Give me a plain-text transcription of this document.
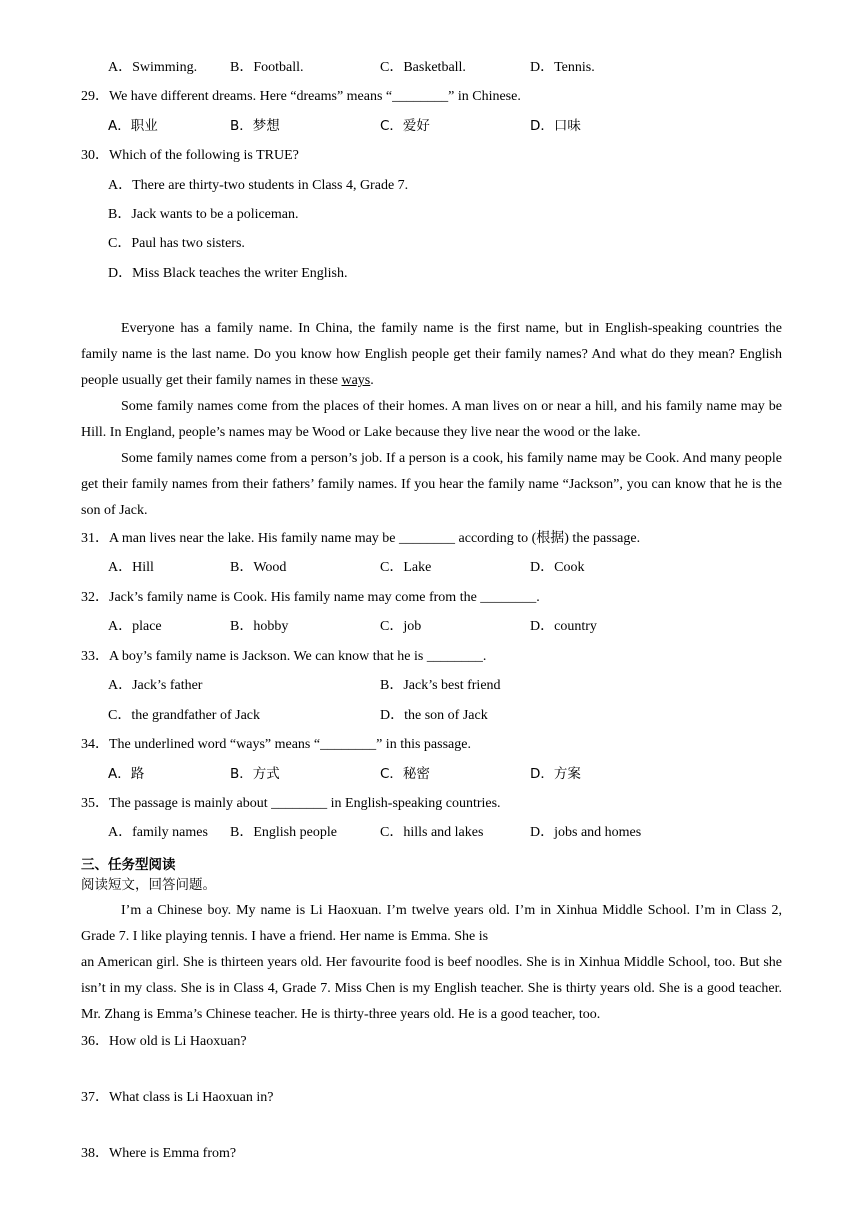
A．Swimming. B．Football.	C．Basketball.	D．Tennis.
29．We have different dreams. Here “dreams” means “________” in Chinese.
A．职业	B．梦想	C．爱好	D．口味
30．Which of the following is TRUE?
A．There are thirty-two students in Class 4, Grade 7.
B．Jack wants to be a policeman.
C．Paul has two sisters.
D．Miss Black teaches the writer English.
Everyone has a family name. In China, the family name is the first name, but in English-speaking countries the family name is the last name. Do you know how English people get their family names? And what do they mean? English people usually get their family names in these ways.
Some family names come from the places of their homes. A man lives on or near a hill, and his family name may be Hill. In England, people’s names may be Wood or Lake because they live near the wood or the lake.
Some family names come from a person’s job. If a person is a cook, his family name may be Cook. And many people get their family names from their fathers’ family names. If you hear the family name “Jackson”, you can know that he is the son of Jack.
31．A man lives near the lake. His family name may be ________ according to (根据) the passage.
A．Hill	B．Wood	C．Lake	D．Cook
32．Jack’s family name is Cook. His family name may come from the ________.
A．place	B．hobby	C．job	D．country
33．A boy’s family name is Jackson. We can know that he is ________.
A．Jack’s father	B．Jack’s best friend
C．the grandfather of Jack	D．the son of Jack
34．The underlined word “ways” means “________” in this passage.
A．路	B．方式	C．秘密	D．方案
35．The passage is mainly about ________ in English-speaking countries.
A．family names B．English people	C．hills and lakes	D．jobs and homes
三、任务型阅读
阅读短文，回答问题。
I’m a Chinese boy. My name is Li Haoxuan. I’m twelve years old. I’m in Xinhua Middle School. I’m in Class 2, Grade 7. I like playing tennis. I have a friend. Her name is Emma. She is
an American girl. She is thirteen years old. Her favourite food is beef noodles. She is in Xinhua Middle School, too. But she isn’t in my class. She is in Class 4, Grade 7. Miss Chen is my English teacher. She is thirty years old. She is a good teacher. Mr. Zhang is Emma’s Chinese teacher. He is thirty-three years old. He is a good teacher, too.
36．How old is Li Haoxuan?
37．What class is Li Haoxuan in?
38．Where is Emma from?
